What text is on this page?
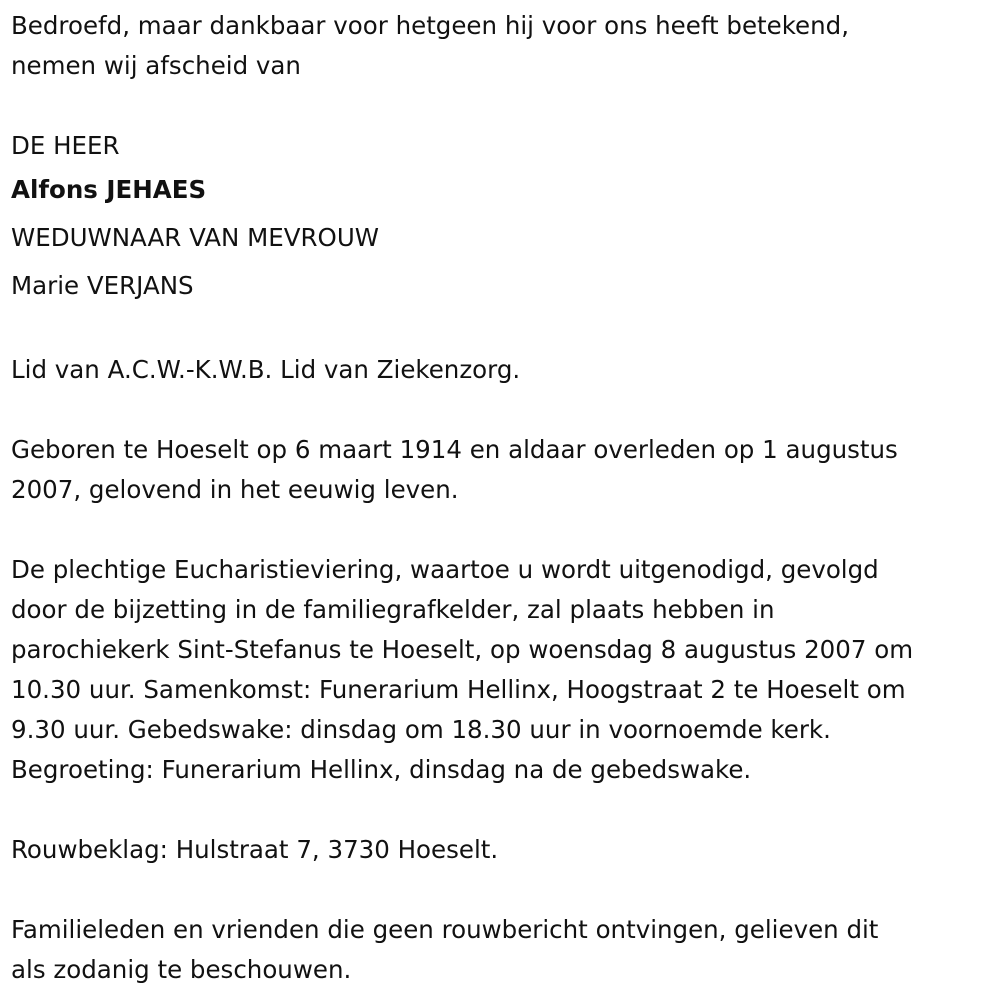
Bedroefd, maar dankbaar voor hetgeen hij voor ons heeft betekend,

nemen wij afscheid van

DE HEER

Alfons JEHAES

WEDUWNAAR VAN MEVROUW

Marie VERJANS

Lid van A.C.W.-K.W.B. Lid van Ziekenzorg.

Geboren te Hoeselt op 6 maart 1914 en aldaar overleden op 1 augustus

2007, gelovend in het eeuwig leven.

De plechtige Eucharistieviering, waartoe u wordt uitgenodigd, gevolgd

door de bijzetting in de familiegrafkelder, zal plaats hebben in

parochiekerk Sint-Stefanus te Hoeselt, op woensdag 8 augustus 2007 om

10.30 uur. Samenkomst: Funerarium Hellinx, Hoogstraat 2 te Hoeselt om

9.30 uur. Gebedswake: dinsdag om 18.30 uur in voornoemde kerk.

Begroeting: Funerarium Hellinx, dinsdag na de gebedswake.

Rouwbeklag: Hulstraat 7, 3730 Hoeselt.

Familieleden en vrienden die geen rouwbericht ontvingen, gelieven dit

als zodanig te beschouwen.
